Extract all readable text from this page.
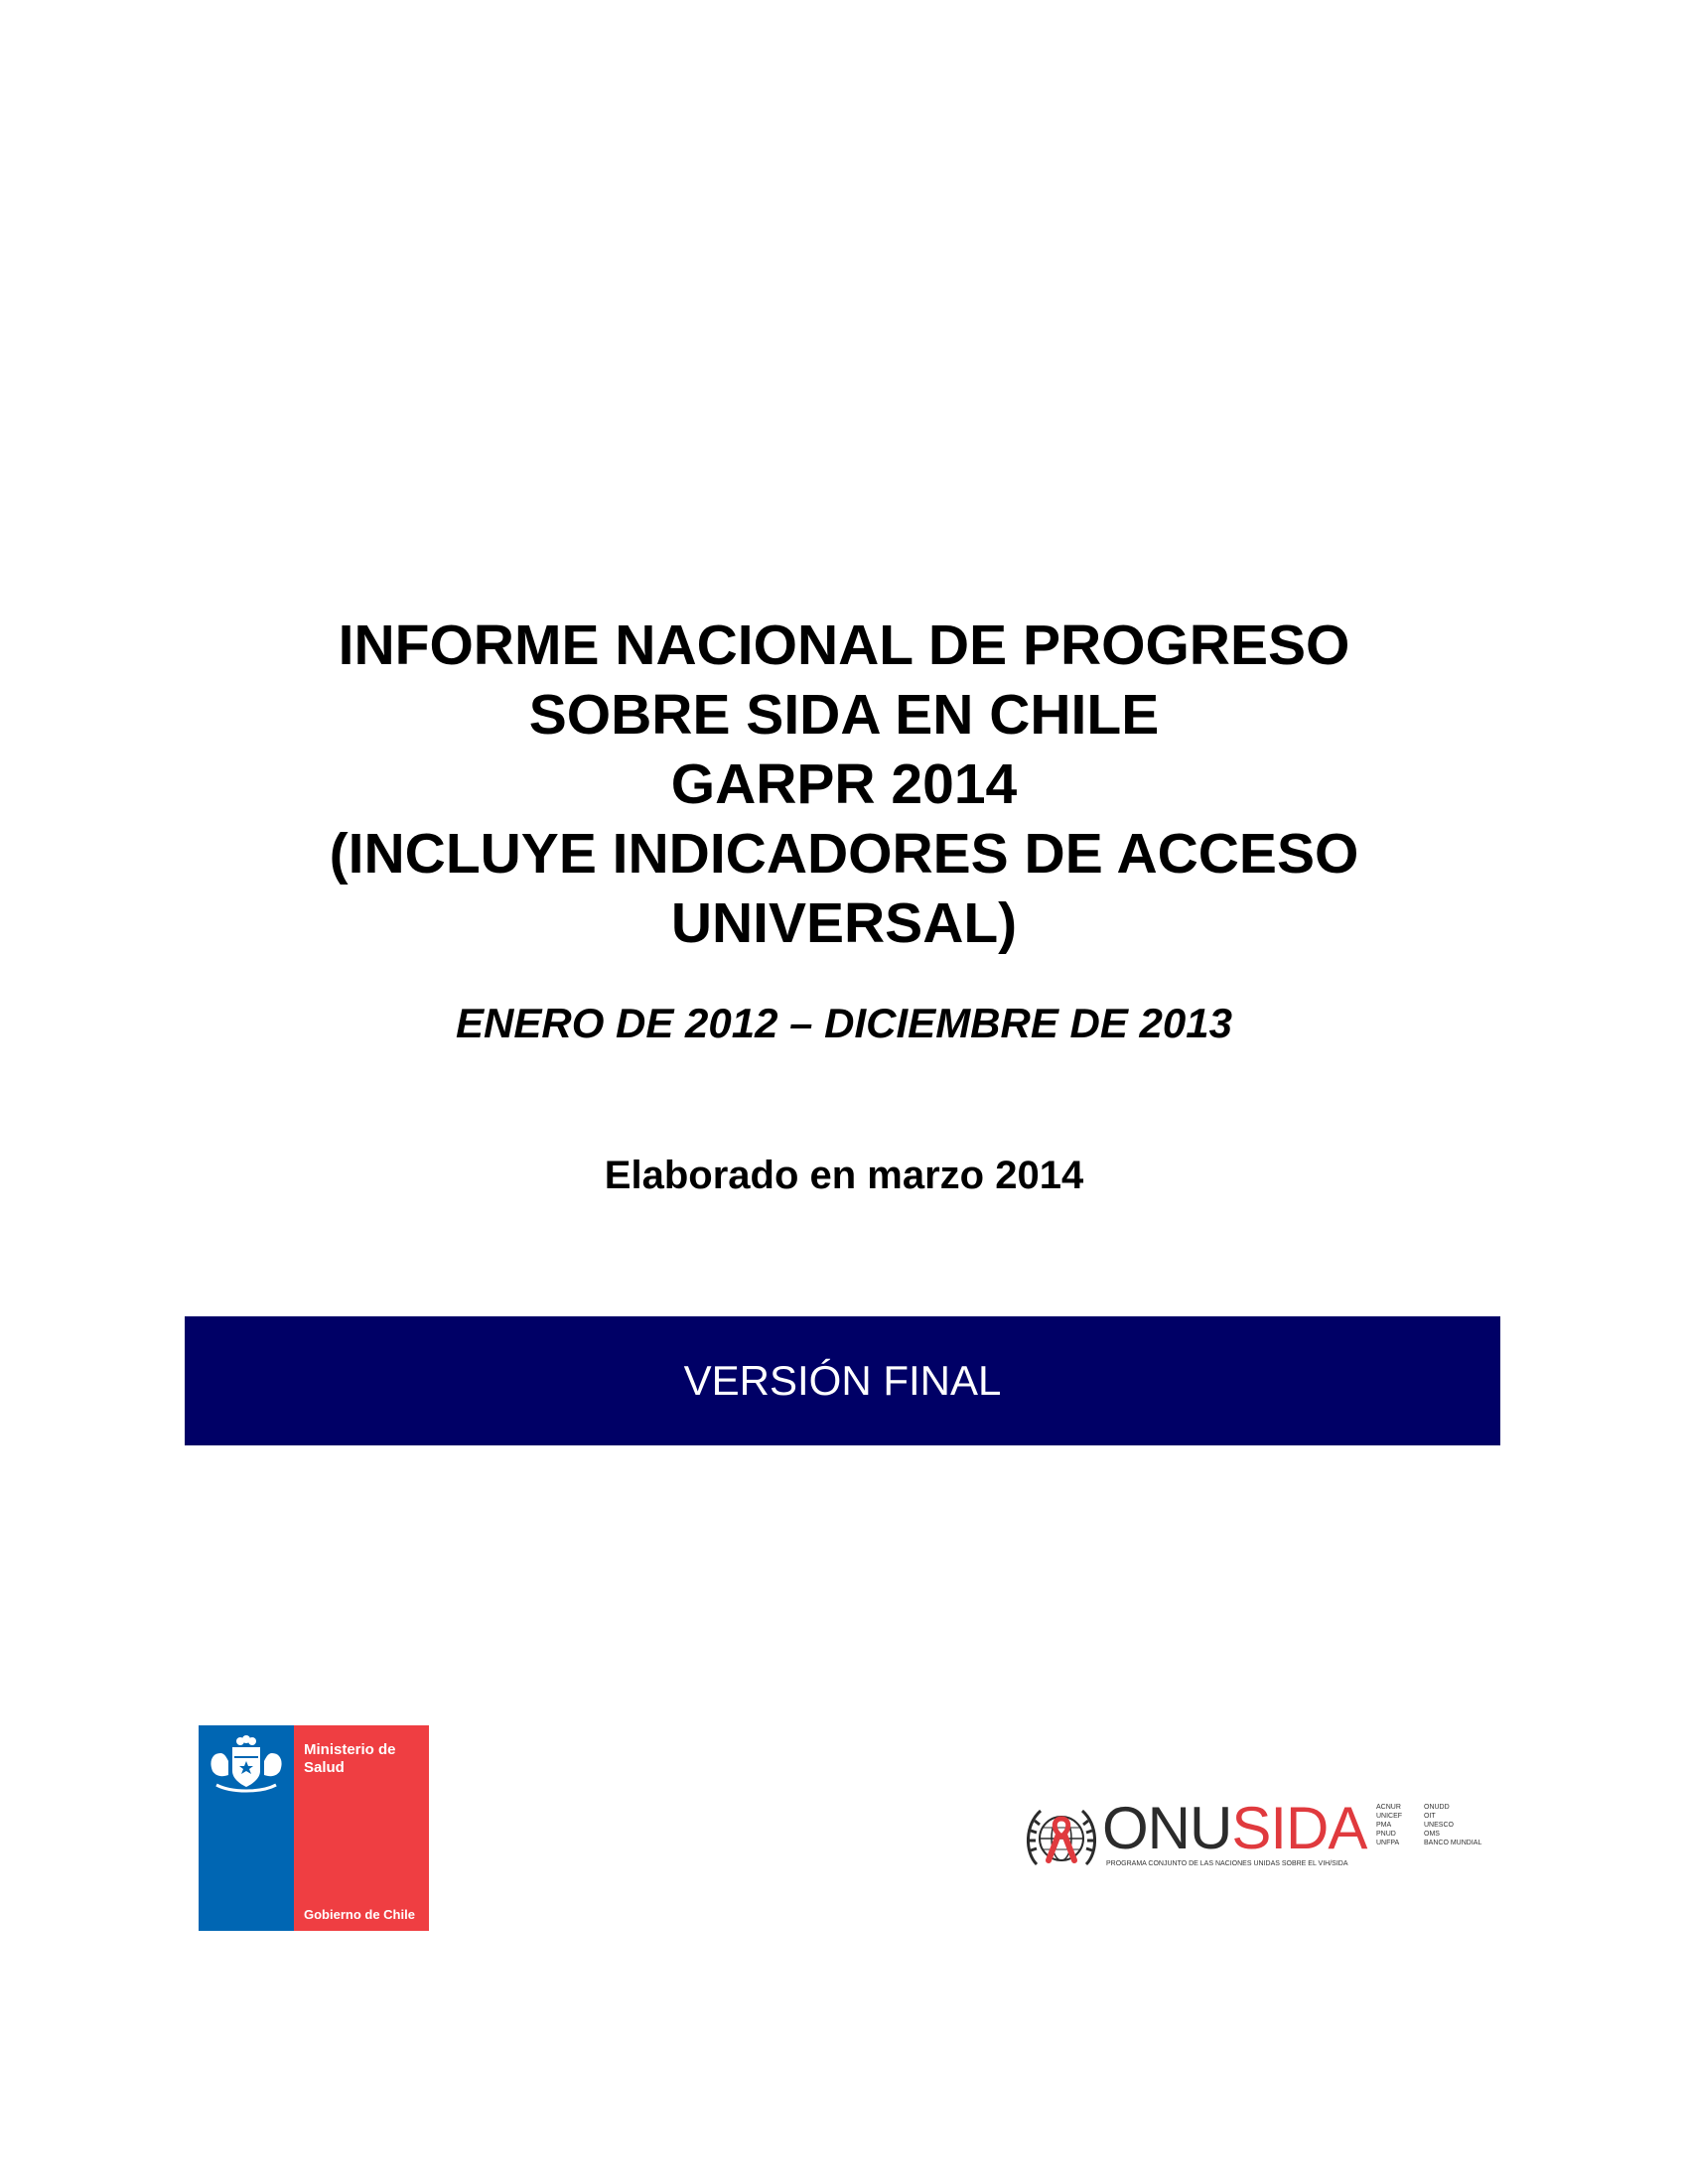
INFORME NACIONAL DE PROGRESO

SOBRE SIDA EN CHILE

GARPR 2014

(INCLUYE INDICADORES DE ACCESO

UNIVERSAL)

ENERO DE 2012 – DICIEMBRE DE 2013
Elaborado en marzo 2014
VERSIÓN FINAL
Ministerio de
Salud
Gobierno de Chile
ONUSIDA
PROGRAMA CONJUNTO DE LAS NACIONES UNIDAS SOBRE EL VIH/SIDA
ACNUR	ONUDD
UNICEF	OIT
PMA	UNESCO
PNUD	OMS
UNFPA	BANCO MUNDIAL
